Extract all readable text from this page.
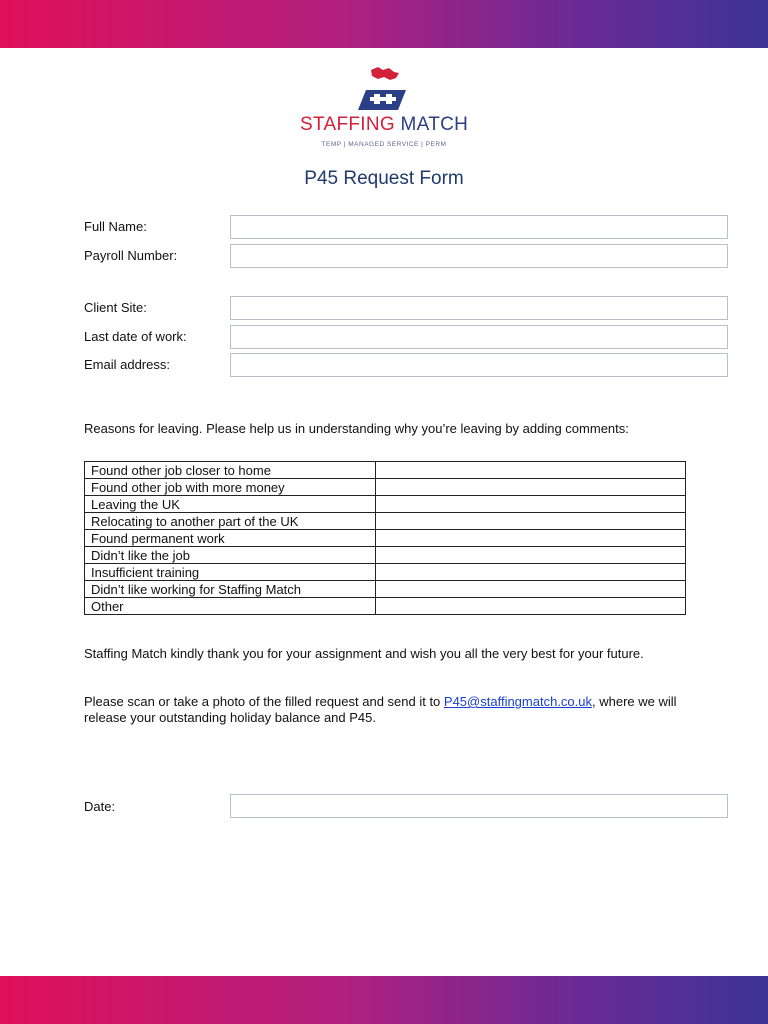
STAFFING MATCH
TEMP | MANAGED SERVICE | PERM
P45 Request Form
Full Name:
Payroll Number:
Client Site:
Last date of work:
Email address:
Reasons for leaving. Please help us in understanding why you’re leaving by adding comments:
Found other job closer to home	
Found other job with more money	
Leaving the UK	
Relocating to another part of the UK	
Found permanent work	
Didn’t like the job	
Insufficient training	
Didn’t like working for Staffing Match	
Other	
Staffing Match kindly thank you for your assignment and wish you all the very best for your future.
Please scan or take a photo of the filled request and send it to P45@staffingmatch.co.uk, where we will release your outstanding holiday balance and P45.
Date:
